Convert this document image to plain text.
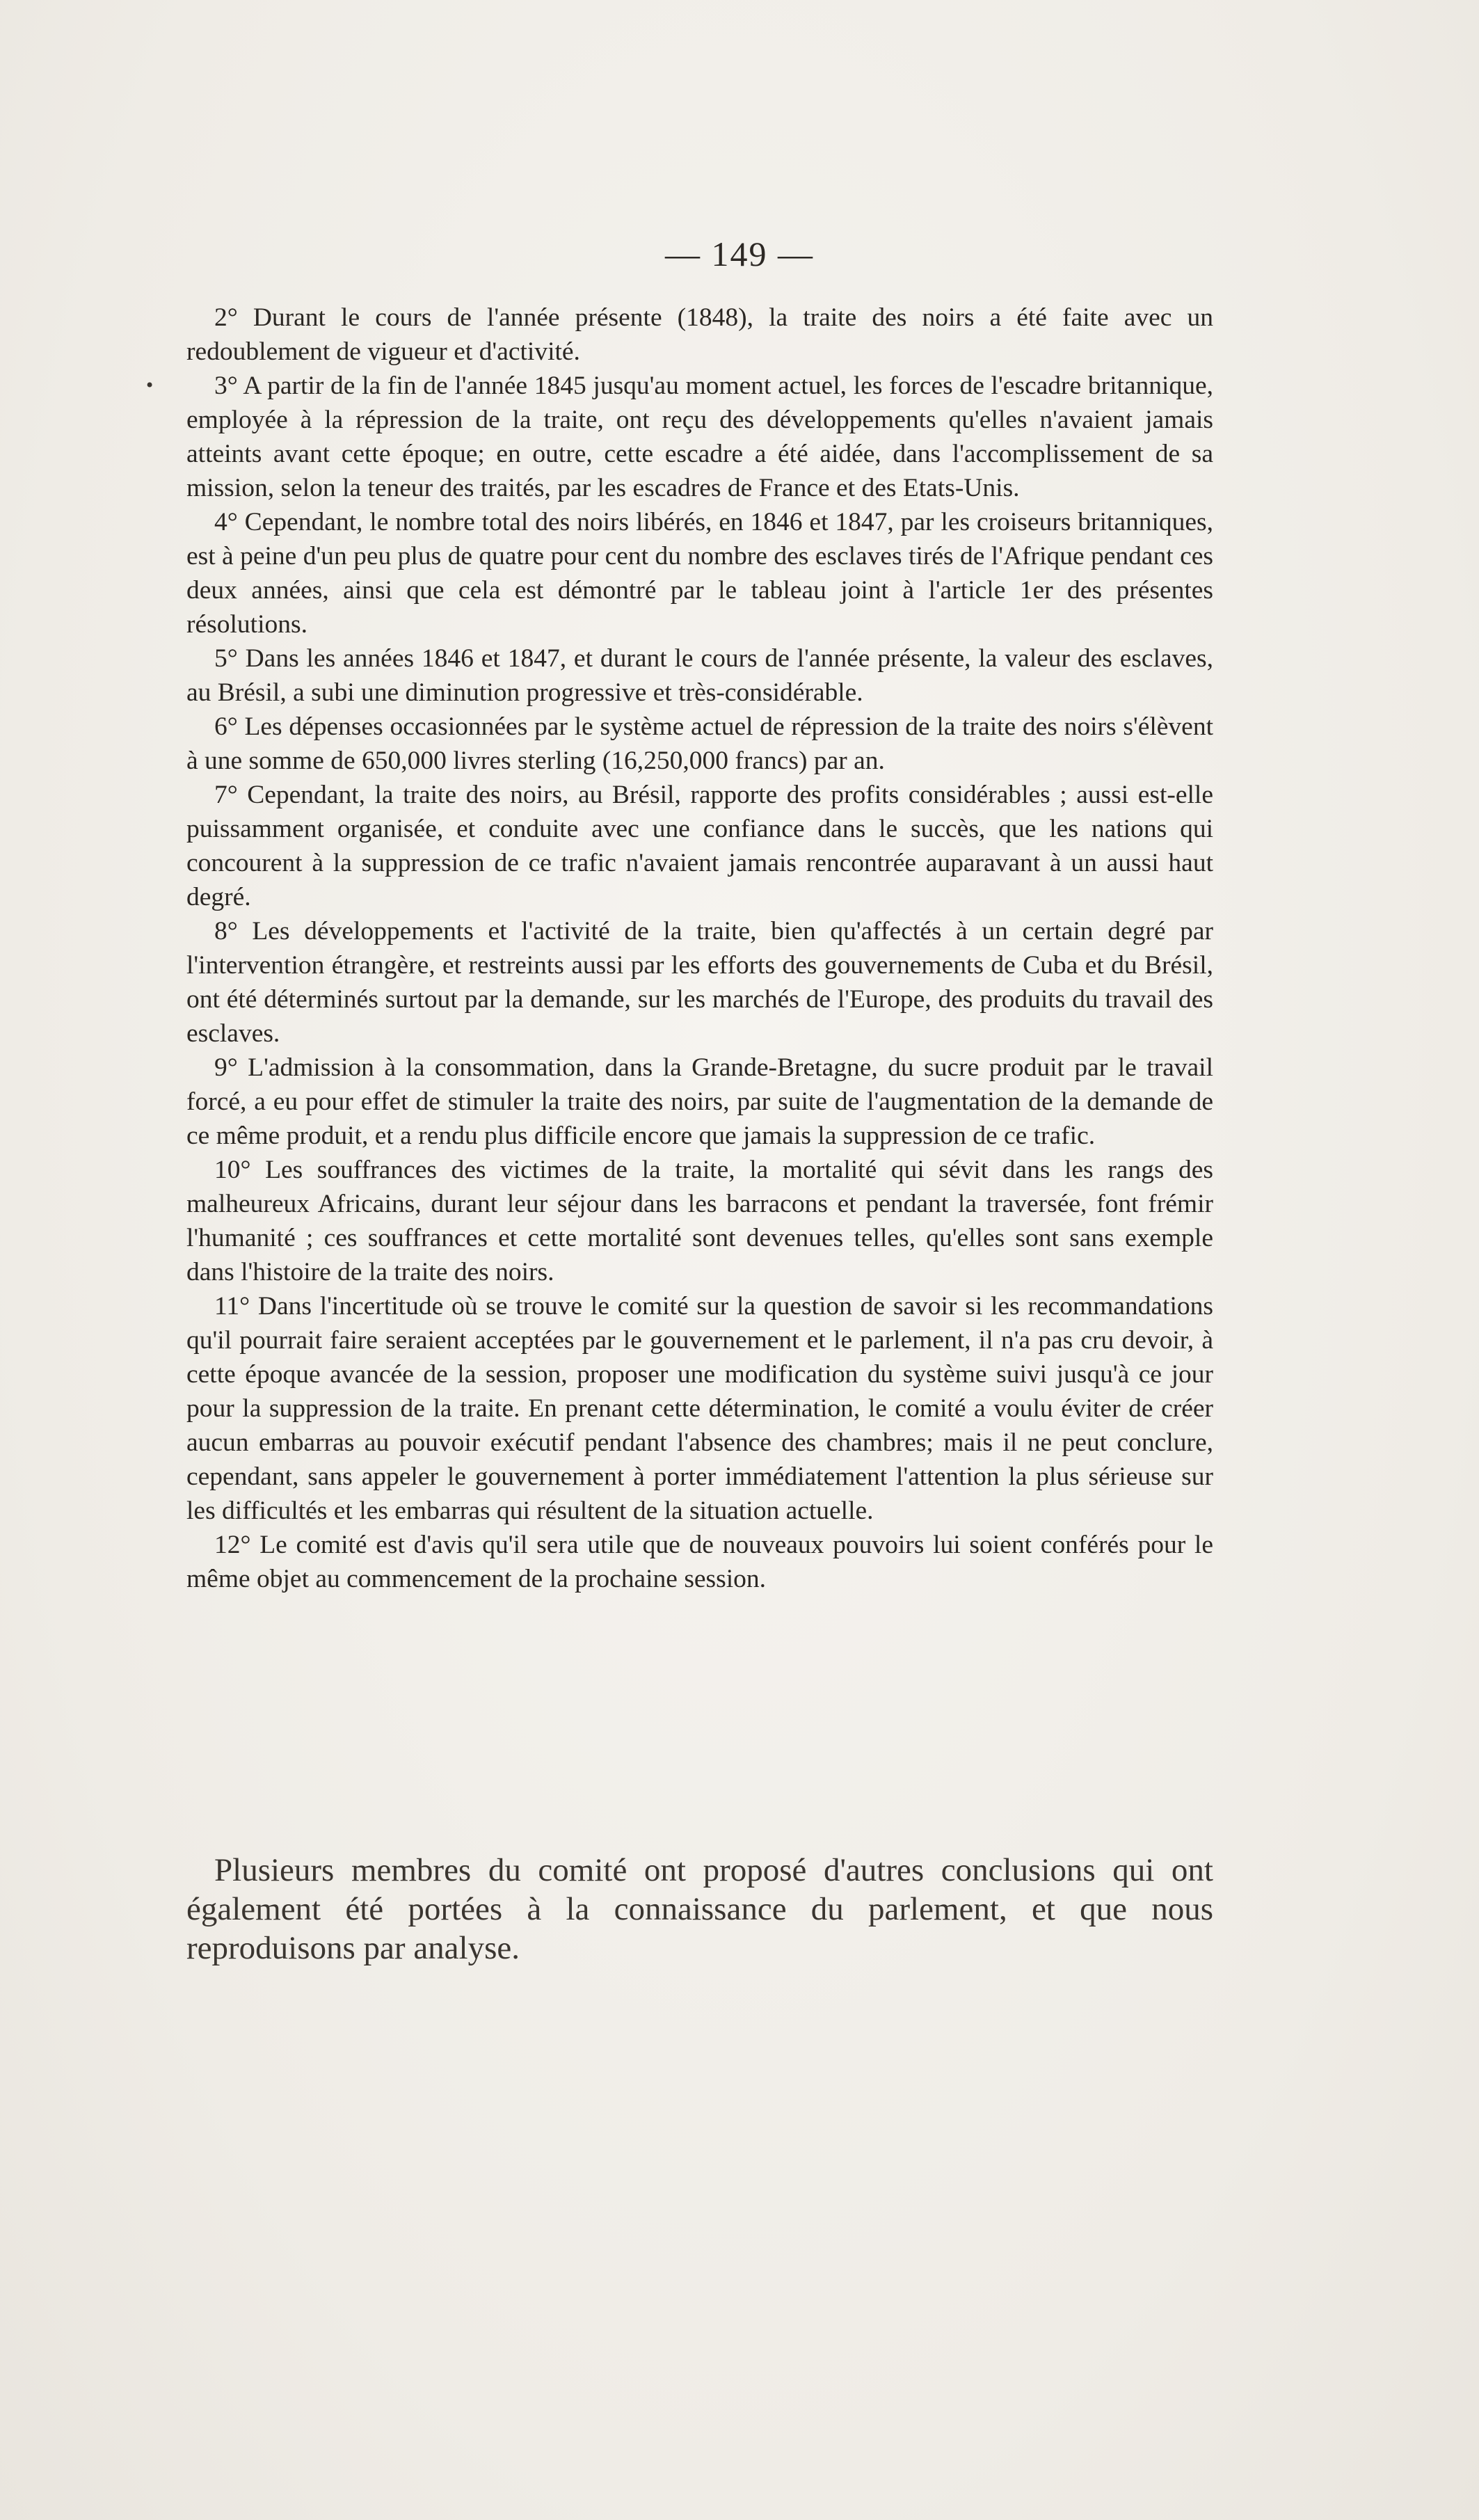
— 149 —
•

2° Durant le cours de l'année présente (1848), la traite des noirs a été faite avec un redoublement de vigueur et d'activité.

3° A partir de la fin de l'année 1845 jusqu'au moment actuel, les forces de l'escadre britannique, employée à la répression de la traite, ont reçu des développements qu'elles n'avaient jamais atteints avant cette époque; en outre, cette escadre a été aidée, dans l'accomplissement de sa mission, selon la teneur des traités, par les escadres de France et des Etats-Unis.

4° Cependant, le nombre total des noirs libérés, en 1846 et 1847, par les croiseurs britanniques, est à peine d'un peu plus de quatre pour cent du nombre des esclaves tirés de l'Afrique pendant ces deux années, ainsi que cela est démontré par le tableau joint à l'article 1er des présentes résolutions.

5° Dans les années 1846 et 1847, et durant le cours de l'année présente, la valeur des esclaves, au Brésil, a subi une diminution progressive et très-considérable.

6° Les dépenses occasionnées par le système actuel de répression de la traite des noirs s'élèvent à une somme de 650,000 livres sterling (16,250,000 francs) par an.

7° Cependant, la traite des noirs, au Brésil, rapporte des profits considérables ; aussi est-elle puissamment organisée, et conduite avec une confiance dans le succès, que les nations qui concourent à la suppression de ce trafic n'avaient jamais rencontrée auparavant à un aussi haut degré.

8° Les développements et l'activité de la traite, bien qu'affectés à un certain degré par l'intervention étrangère, et restreints aussi par les efforts des gouvernements de Cuba et du Brésil, ont été déterminés surtout par la demande, sur les marchés de l'Europe, des produits du travail des esclaves.

9° L'admission à la consommation, dans la Grande-Bretagne, du sucre produit par le travail forcé, a eu pour effet de stimuler la traite des noirs, par suite de l'augmentation de la demande de ce même produit, et a rendu plus difficile encore que jamais la suppression de ce trafic.

10° Les souffrances des victimes de la traite, la mortalité qui sévit dans les rangs des malheureux Africains, durant leur séjour dans les barracons et pendant la traversée, font frémir l'humanité ; ces souffrances et cette mortalité sont devenues telles, qu'elles sont sans exemple dans l'histoire de la traite des noirs.

11° Dans l'incertitude où se trouve le comité sur la question de savoir si les recommandations qu'il pourrait faire seraient acceptées par le gouvernement et le parlement, il n'a pas cru devoir, à cette époque avancée de la session, proposer une modification du système suivi jusqu'à ce jour pour la suppression de la traite. En prenant cette détermination, le comité a voulu éviter de créer aucun embarras au pouvoir exécutif pendant l'absence des chambres; mais il ne peut conclure, cependant, sans appeler le gouvernement à porter immédiatement l'attention la plus sérieuse sur les difficultés et les embarras qui résultent de la situation actuelle.

12° Le comité est d'avis qu'il sera utile que de nouveaux pouvoirs lui soient conférés pour le même objet au commencement de la prochaine session.

Plusieurs membres du comité ont proposé d'autres conclusions qui ont également été portées à la connaissance du parlement, et que nous reproduisons par analyse.
